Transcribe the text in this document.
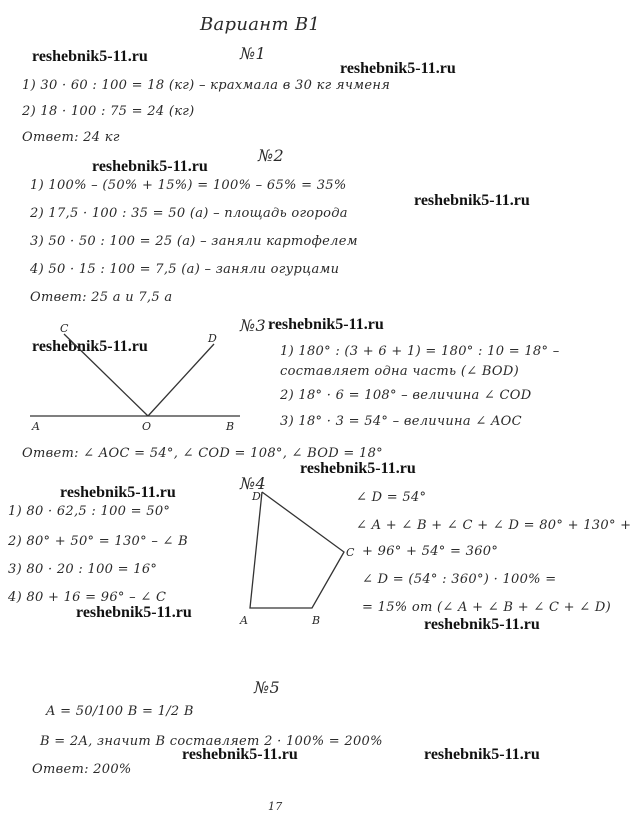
Вариант В1
reshebnik5-11.ru
reshebnik5-11.ru
reshebnik5-11.ru
reshebnik5-11.ru
reshebnik5-11.ru
reshebnik5-11.ru
reshebnik5-11.ru
reshebnik5-11.ru
reshebnik5-11.ru
reshebnik5-11.ru
reshebnik5-11.ru	reshebnik5-11.ru
№1
1) 30 · 60 : 100 = 18 (кг) – крахмала в 30 кг ячменя
2) 18 · 100 : 75 = 24 (кг)
Ответ: 24 кг
№2
1) 100% – (50% + 15%) = 100% – 65% = 35%
2) 17,5 · 100 : 35 = 50 (а) – площадь огорода
3) 50 · 50 : 100 = 25 (а) – заняли картофелем
4) 50 · 15 : 100 = 7,5 (а) – заняли огурцами
Ответ: 25 а и 7,5 а
№3
A	B
O
C
D
1) 180° : (3 + 6 + 1) = 180° : 10 = 18° –
составляет одна часть (∠ BOD)
2) 18° · 6 = 108° – величина ∠ COD
3) 18° · 3 = 54° – величина ∠ AOC
Ответ: ∠ AOC = 54°, ∠ COD = 108°, ∠ BOD = 18°
№4
D
A	B
C
1) 80 · 62,5 : 100 = 50°
2) 80° + 50° = 130° – ∠ B
3) 80 · 20 : 100 = 16°
4) 80 + 16 = 96° – ∠ C
∠ D = 54°
∠ A + ∠ B + ∠ C + ∠ D = 80° + 130° +
+ 96° + 54° = 360°
∠ D = (54° : 360°) · 100% =
= 15% от (∠ A + ∠ B + ∠ C + ∠ D)
№5
A = 50/100 B = 1/2 B
B = 2A, значит B составляет 2 · 100% = 200%
Ответ: 200%
17
